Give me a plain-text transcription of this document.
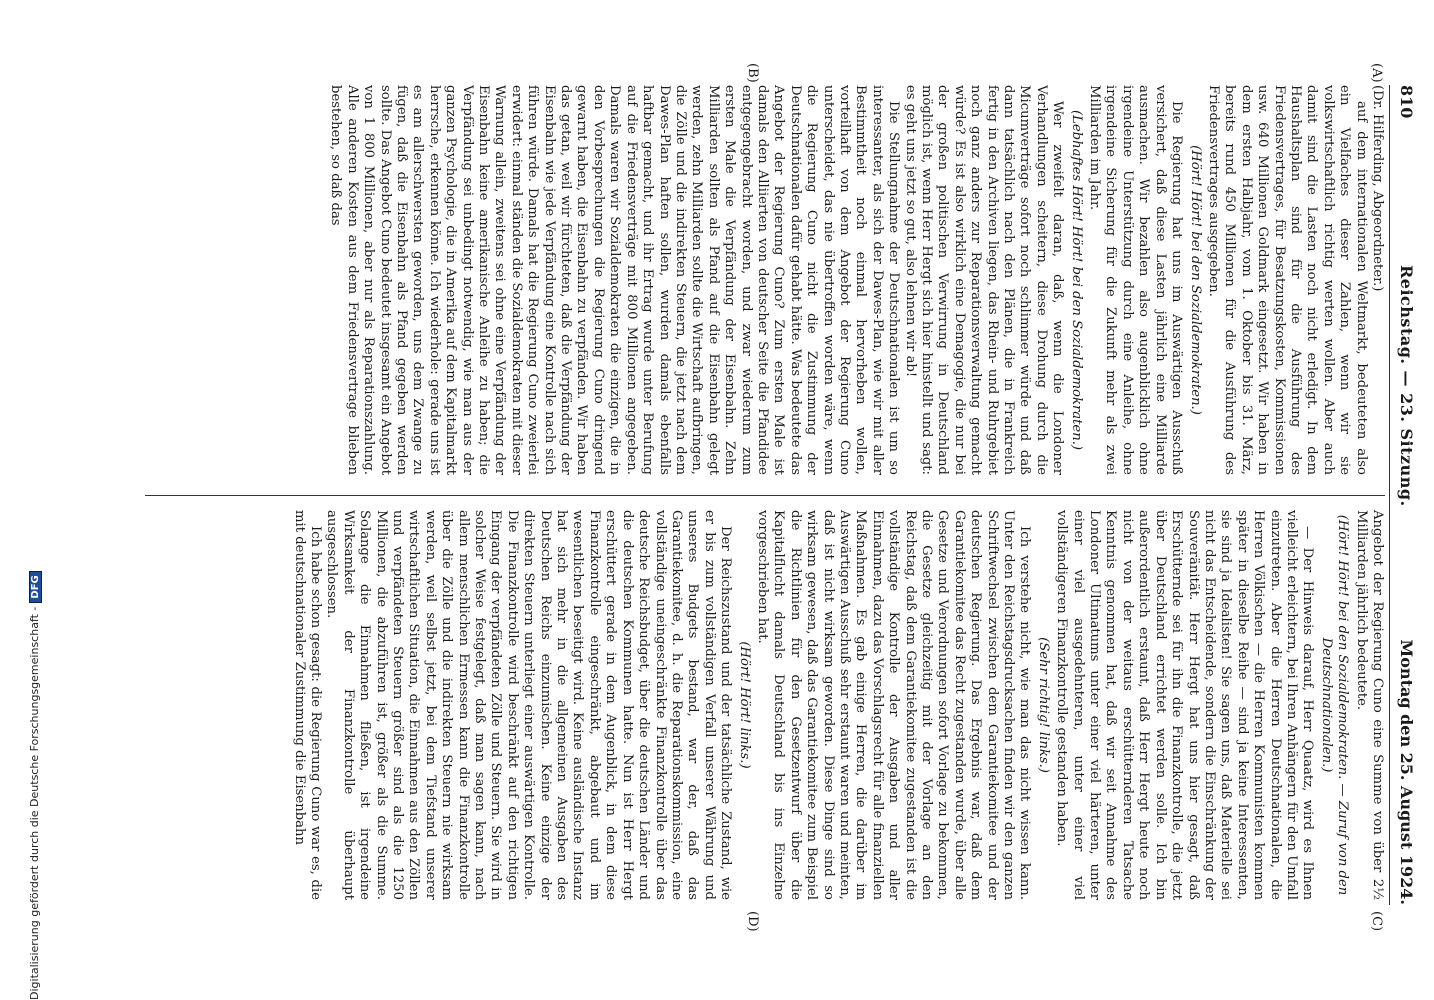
810
Reichstag. — 23. Sitzung.
Montag den 25. August 1924.
(A)
(B)
(C)
(D)

(Dr. Hilferding, Abgeordneter.)

auf dem internationalen Weltmarkt, bedeuteten also ein Vielfaches dieser Zahlen, wenn wir sie volkswirtschaftlich richtig werten wollen. Aber auch damit sind die Lasten noch nicht erledigt. In dem Haushaltsplan sind für die Ausführung des Friedensvertrages, für Besatzungskosten, Kommissionen usw. 640 Millionen Goldmark eingesetzt. Wir haben in dem ersten Halbjahr, vom 1. Oktober bis 31. März, bereits rund 450 Millionen für die Ausführung des Friedensvertrages ausgegeben.

(Hört! Hört! bei den Sozialdemokraten.)

Die Regierung hat uns im Auswärtigen Ausschuß versichert, daß diese Lasten jährlich eine Milliarde ausmachen. Wir bezahlen also augenblicklich ohne irgendeine Unterstützung durch eine Anleihe, ohne irgendeine Sicherung für die Zukunft mehr als zwei Milliarden im Jahr.

(Lebhaftes Hört! Hört! bei den Sozialdemokraten.)

Wer zweifelt daran, daß, wenn die Londoner Verhandlungen scheitern, diese Drohung durch die Micumverträge sofort noch schlimmer würde und daß dann tatsächlich nach den Plänen, die in Frankreich fertig in den Archiven liegen, das Rhein- und Ruhrgebiet noch ganz anders zur Reparationsverwaltung gemacht würde? Es ist also wirklich eine Demagogie, die nur bei der großen politischen Verwirrung in Deutschland möglich ist, wenn Herr Hergt sich hier hinstellt und sagt: es geht uns jetzt so gut, also lehnen wir ab!

Die Stellungnahme der Deutschnationalen ist um so interessanter, als sich der Dawes-Plan, wie wir mit aller Bestimmtheit noch einmal hervorheben wollen, vorteilhaft von dem Angebot der Regierung Cuno unterscheidet, das nie übertroffen worden wäre, wenn die Regierung Cuno nicht die Zustimmung der Deutschnationalen dafür gehabt hätte. Was bedeutete das Angebot der Regierung Cuno? Zum ersten Male ist damals den Alliierten von deutscher Seite die Pfandidee entgegengebracht worden, und zwar wiederum zum ersten Male die Verpfändung der Eisenbahn. Zehn Milliarden sollten als Pfand auf die Eisenbahn gelegt werden, zehn Milliarden sollte die Wirtschaft aufbringen, die Zölle und die indirekten Steuern, die jetzt nach dem Dawes-Plan haften sollen, wurden damals ebenfalls haftbar gemacht, und ihr Ertrag wurde unter Berufung auf die Friedensverträge mit 800 Millionen angegeben. Damals waren wir Sozialdemokraten die einzigen, die in den Vorbesprechungen die Regierung Cuno dringend gewarnt haben, die Eisenbahn zu verpfänden. Wir haben das getan, weil wir fürchteten, daß die Verpfändung der Eisenbahn wie jede Verpfändung eine Kontrolle nach sich führen würde. Damals hat die Regierung Cuno zweierlei erwidert: einmal ständen die Sozialdemokraten mit dieser Warnung allein, zweitens sei ohne eine Verpfändung der Eisenbahn keine amerikanische Anleihe zu haben; die Verpfändung sei unbedingt notwendig, wie man aus der ganzen Psychologie, die in Amerika auf dem Kapitalmarkt herrsche, erkennen könne. Ich wiederhole: gerade uns ist es am allerschwersten geworden, uns dem Zwange zu fügen, daß die Eisenbahn als Pfand gegeben werden sollte. Das Angebot Cuno bedeutet insgesamt ein Angebot von 1 800 Millionen, aber nur als Reparationszahlung. Alle anderen Kosten aus dem Friedensvertrage blieben bestehen, so daß das

Angebot der Regierung Cuno eine Summe von über 2½ Milliarden jährlich bedeutete.

(Hört! Hört! bei den Sozialdemokraten. — Zuruf von den Deutschnationalen.)

— Der Hinweis darauf, Herr Quaatz, wird es Ihnen vielleicht erleichtern, bei Ihren Anhängern für den Umfall einzutreten. Aber die Herren Deutschnationalen, die Herren Völkischen — die Herren Kommunisten kommen später in dieselbe Reihe — sind ja keine Interessenten, sie sind ja Idealisten! Sie sagen uns, daß Materielle sei nicht das Entscheidende, sondern die Einschränkung der Souveränität. Herr Hergt hat uns hier gesagt, daß Erschütternde sei für ihn die Finanzkontrolle, die jetzt über Deutschland errichtet werden solle. Ich bin außerordentlich erstaunt, daß Herr Hergt heute noch nicht von der weitaus erschütternderen Tatsache Kenntnis genommen hat, daß wir seit Annahme des Londoner Ultimatums unter einer viel härteren, unter einer viel ausgedehnteren, unter einer viel vollständigeren Finanzkontrolle gestanden haben.

(Sehr richtig! links.)

Ich verstehe nicht, wie man das nicht wissen kann. Unter den Reichstagsdrucksachen finden wir den ganzen Schriftwechsel zwischen dem Garantiekomitee und der deutschen Regierung. Das Ergebnis war, daß dem Garantiekomitee das Recht zugestanden wurde, über alle Gesetze und Verordnungen sofort Vorlage zu bekommen, die Gesetze gleichzeitig mit der Vorlage an den Reichstag, daß dem Garantiekomitee zugestanden ist die vollständige Kontrolle der Ausgaben und aller Einnahmen, dazu das Vorschlagsrecht für alle finanziellen Maßnahmen. Es gab einige Herren, die darüber im Auswärtigen Ausschuß sehr erstaunt waren und meinten, daß ist nicht wirksam geworden. Diese Dinge sind so wirksam gewesen, daß das Garantiekomitee zum Beispiel die Richtlinien für den Gesetzentwurf über die Kapitalflucht damals Deutschland bis ins Einzelne vorgeschrieben hat.

(Hört! Hört! links.)

Der Reichszustand und der tatsächliche Zustand, wie er bis zum vollständigen Verfall unserer Währung und unseres Budgets bestand, war der, daß das Garantiekomitee, d. h. die Reparationskommission, eine vollständige uneingeschränkte Finanzkontrolle über das deutsche Reichsbudget, über die deutschen Länder und die deutschen Kommunen hatte. Nun ist Herr Hergt erschüttert gerade in dem Augenblick, in dem diese Finanzkontrolle eingeschränkt, abgebaut und im wesentlichen beseitigt wird. Keine ausländische Instanz hat sich mehr in die allgemeinen Ausgaben des Deutschen Reichs einzumischen. Keine einzige der direkten Steuern unterliegt einer auswärtigen Kontrolle. Die Finanzkontrolle wird beschränkt auf den richtigen Eingang der verpfändeten Zölle und Steuern. Sie wird in solcher Weise festgelegt, daß man sagen kann, nach allem menschlichen Ermessen kann die Finanzkontrolle über die Zölle und die indirekten Steuern nie wirksam werden, weil selbst jetzt, bei dem Tiefstand unserer wirtschaftlichen Situation, die Einnahmen aus den Zöllen und verpfändeten Steuern größer sind als die 1250 Millionen, die abzuführen ist, größer als die Summe. Solange die Einnahmen fließen, ist irgendeine Wirksamkeit der Finanzkontrolle überhaupt ausgeschlossen.

Ich habe schon gesagt: die Regierung Cuno war es, die mit deutschnationaler Zustimmung die Eisenbahn

Digitalisierung gefördert durch die Deutsche Forschungsgemeinschaft -DFG
